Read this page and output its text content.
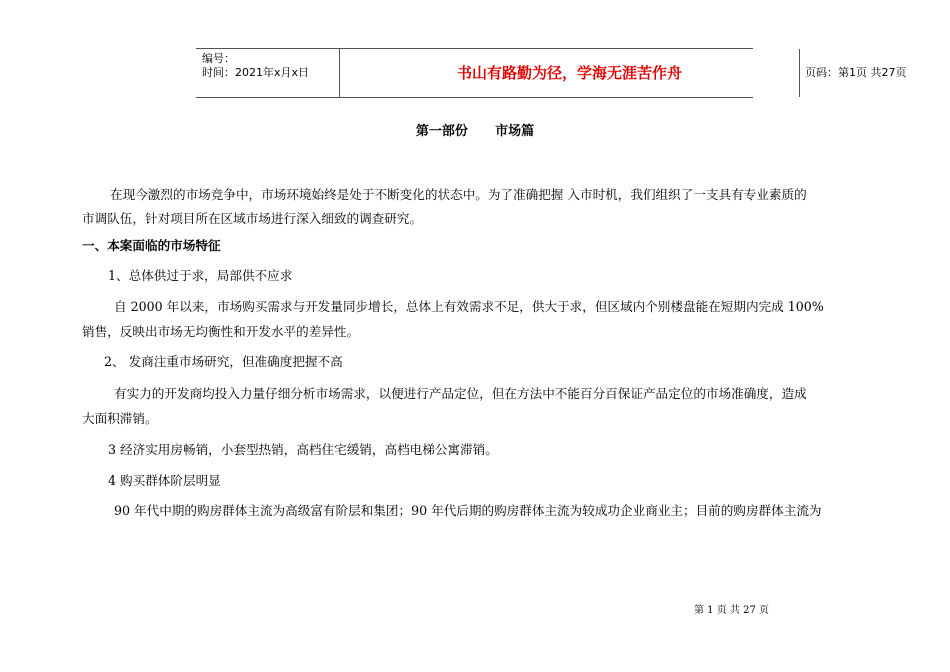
编号：
时间：2021年x月x日	书山有路勤为径，学海无涯苦作舟	页码：第1页 共27页
第一部份      市场篇
在现今激烈的市场竞争中，市场环境始终是处于不断变化的状态中。为了准确把握 入市时机，我们组织了一支具有专业素质的
市调队伍，针对项目所在区域市场进行深入细致的调查研究。
一、本案面临的市场特征
1、总体供过于求，局部供不应求
自 2000 年以来，市场购买需求与开发量同步增长，总体上有效需求不足，供大于求，但区域内个别楼盘能在短期内完成 100%
销售，反映出市场无均衡性和开发水平的差异性。
2、 发商注重市场研究，但准确度把握不高
有实力的开发商均投入力量仔细分析市场需求，以便进行产品定位，但在方法中不能百分百保证产品定位的市场准确度，造成
大面积滞销。
3 经济实用房畅销，小套型热销，高档住宅缓销，高档电梯公寓滞销。
4 购买群体阶层明显
90 年代中期的购房群体主流为高级富有阶层和集团；90 年代后期的购房群体主流为较成功企业商业主；目前的购房群体主流为
第 1 页 共 27 页
